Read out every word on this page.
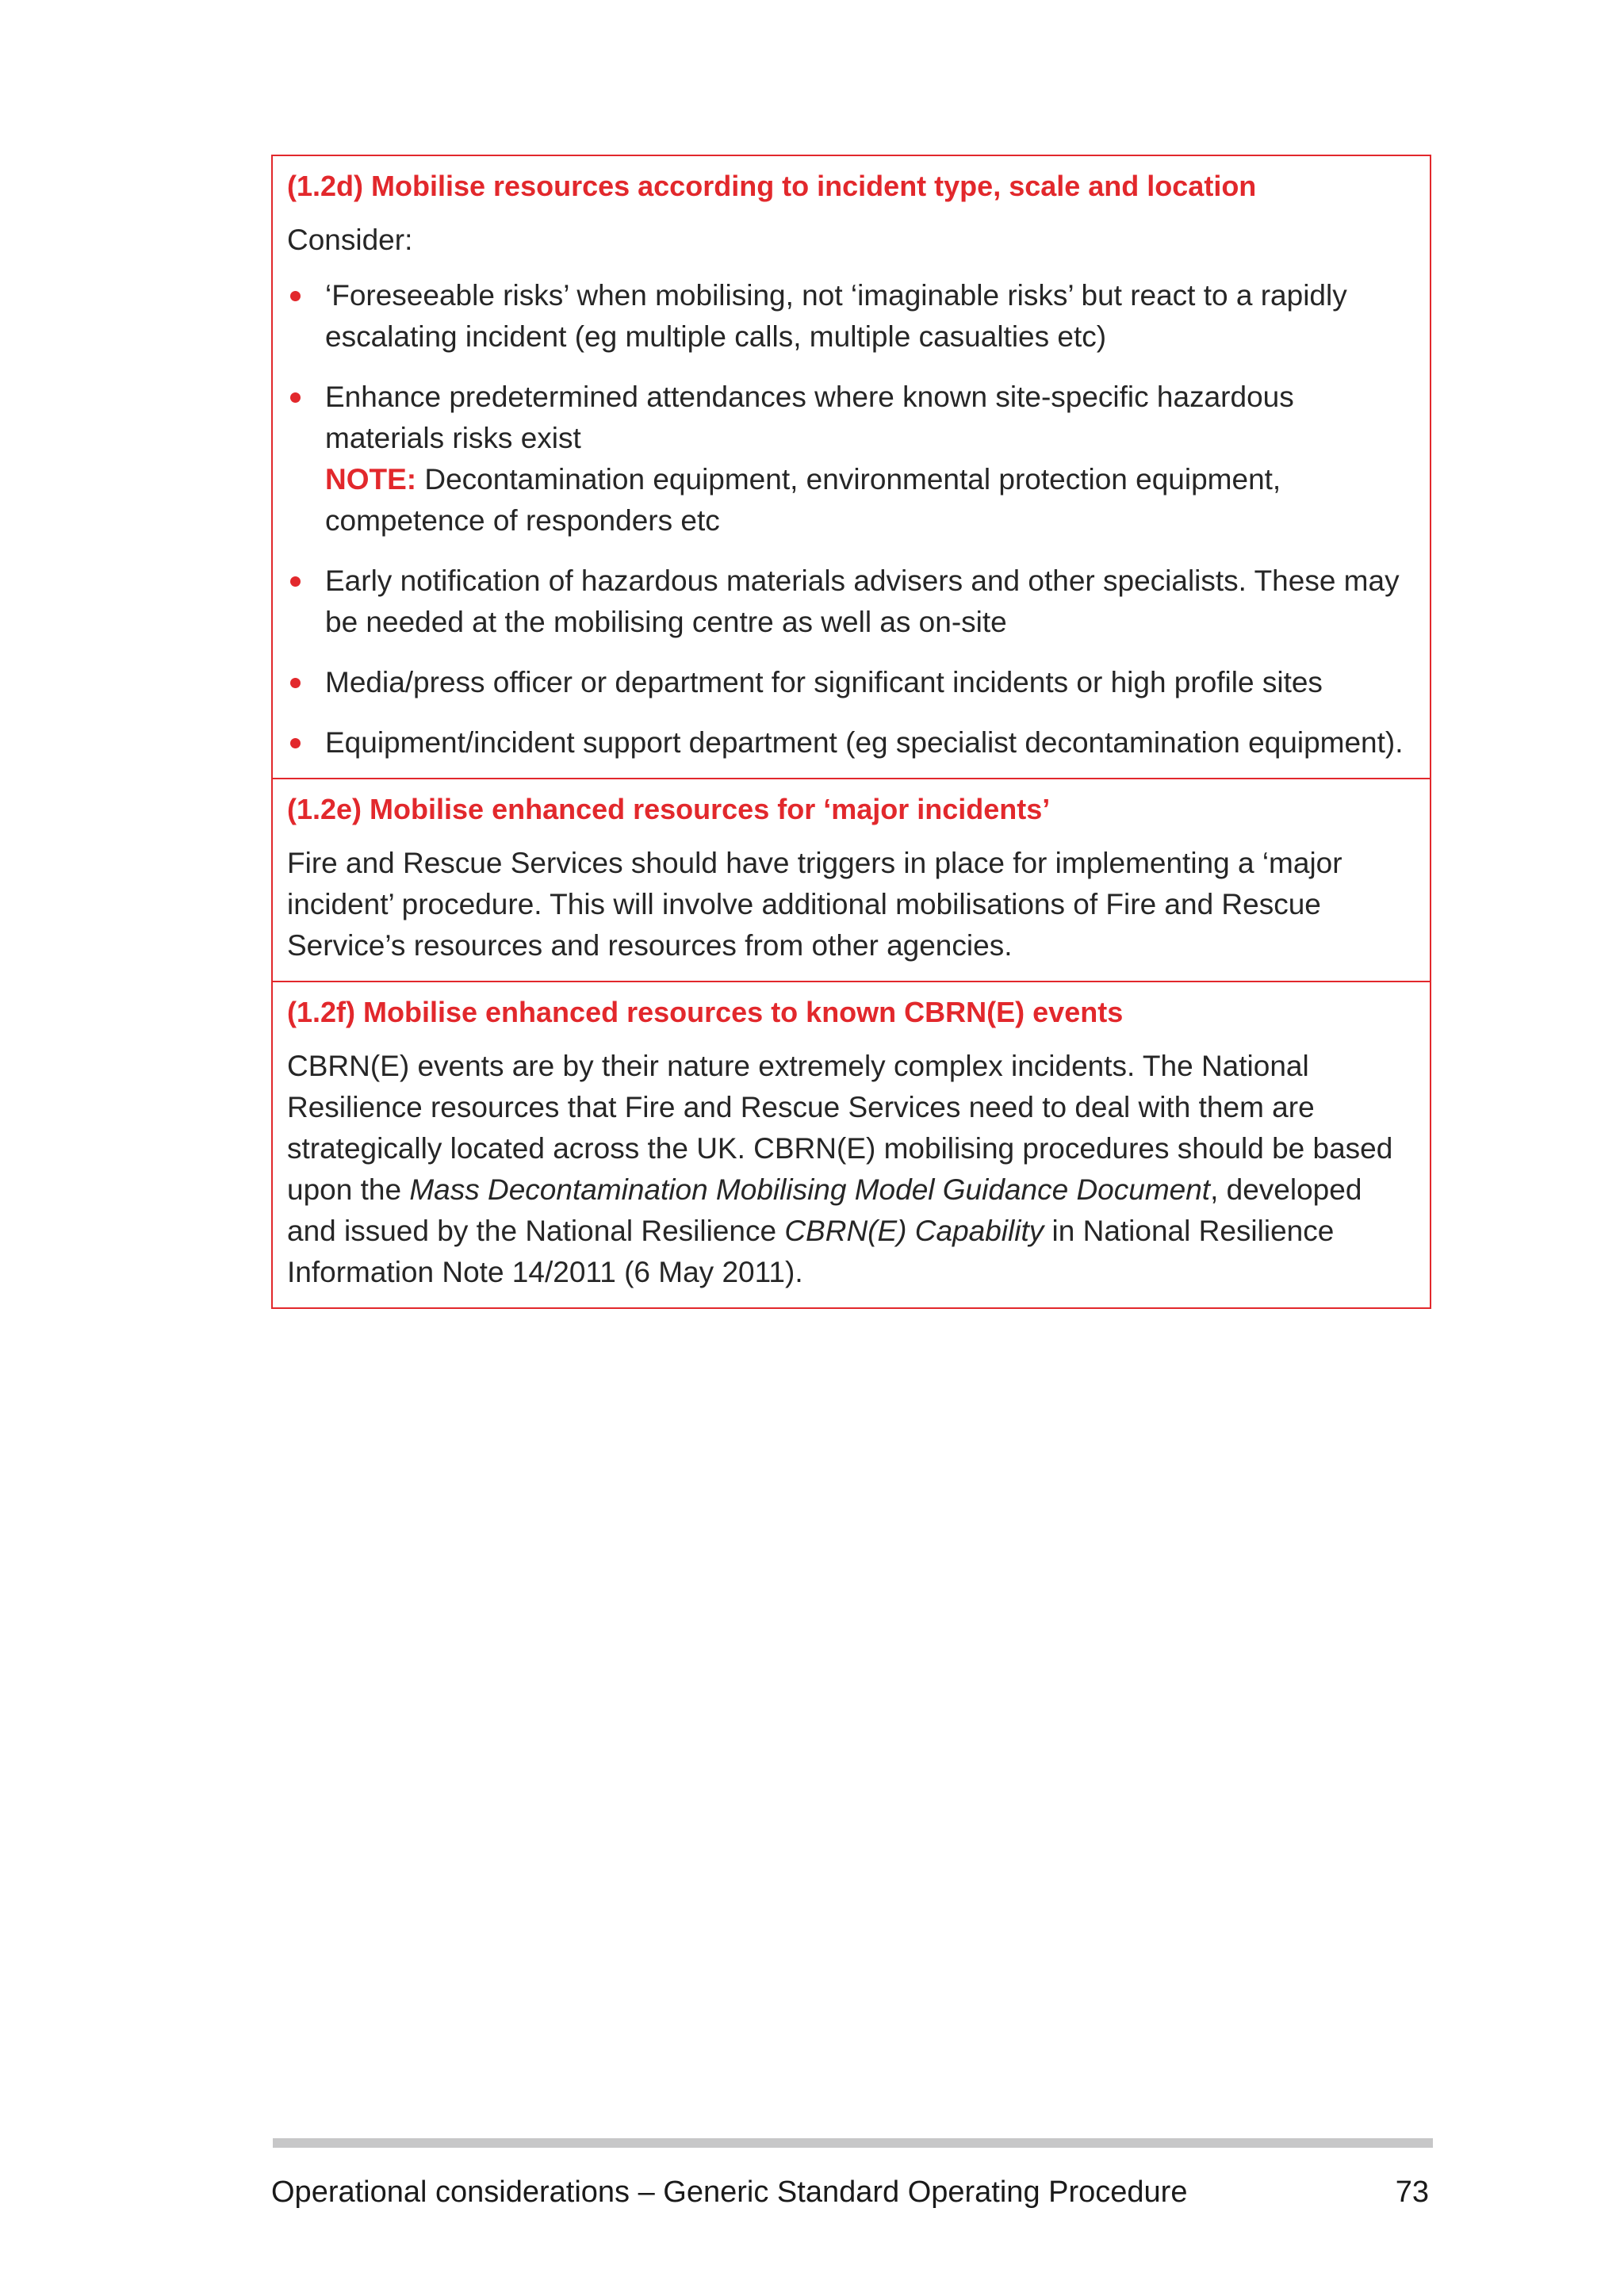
(1.2d) Mobilise resources according to incident type, scale and location
Consider:
‘Foreseeable risks’ when mobilising, not ‘imaginable risks’ but react to a rapidly escalating incident (eg multiple calls, multiple casualties etc)
Enhance predetermined attendances where known site-specific hazardous materials risks exist
NOTE: Decontamination equipment, environmental protection equipment, competence of responders etc
Early notification of hazardous materials advisers and other specialists. These may be needed at the mobilising centre as well as on-site
Media/press officer or department for significant incidents or high profile sites
Equipment/incident support department (eg specialist decontamination equipment).
(1.2e) Mobilise enhanced resources for ‘major incidents’
Fire and Rescue Services should have triggers in place for implementing a ‘major incident’ procedure. This will involve additional mobilisations of Fire and Rescue Service’s resources and resources from other agencies.
(1.2f) Mobilise enhanced resources to known CBRN(E) events
CBRN(E) events are by their nature extremely complex incidents. The National Resilience resources that Fire and Rescue Services need to deal with them are strategically located across the UK. CBRN(E) mobilising procedures should be based upon the Mass Decontamination Mobilising Model Guidance Document, developed and issued by the National Resilience CBRN(E) Capability in National Resilience Information Note 14/2011 (6 May 2011).
Operational considerations – Generic Standard Operating Procedure	73
